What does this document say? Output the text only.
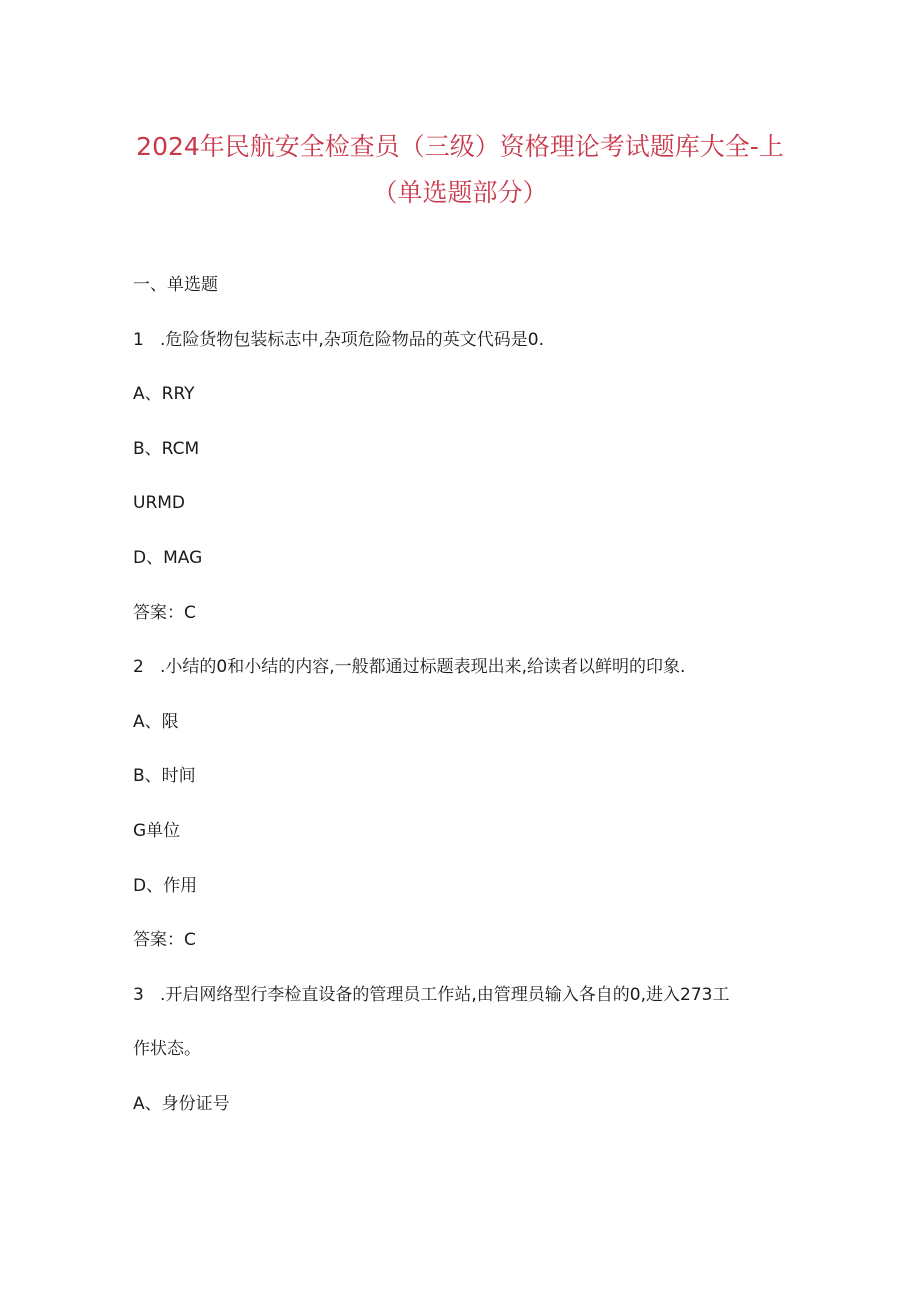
2024年民航安全检查员（三级）资格理论考试题库大全-上
（单选题部分）
一、单选题
1 .危险货物包装标志中,杂项危险物品的英文代码是0.
A、RRY
B、RCM
URMD
D、MAG
答案：C
2 .小结的0和小结的内容,一般都通过标题表现出来,给读者以鲜明的印象.
A、限
B、时间
G单位
D、作用
答案：C
3 .开启网络型行李检直设备的管理员工作站,由管理员输入各自的0,进入273工
作状态。
A、身份证号
